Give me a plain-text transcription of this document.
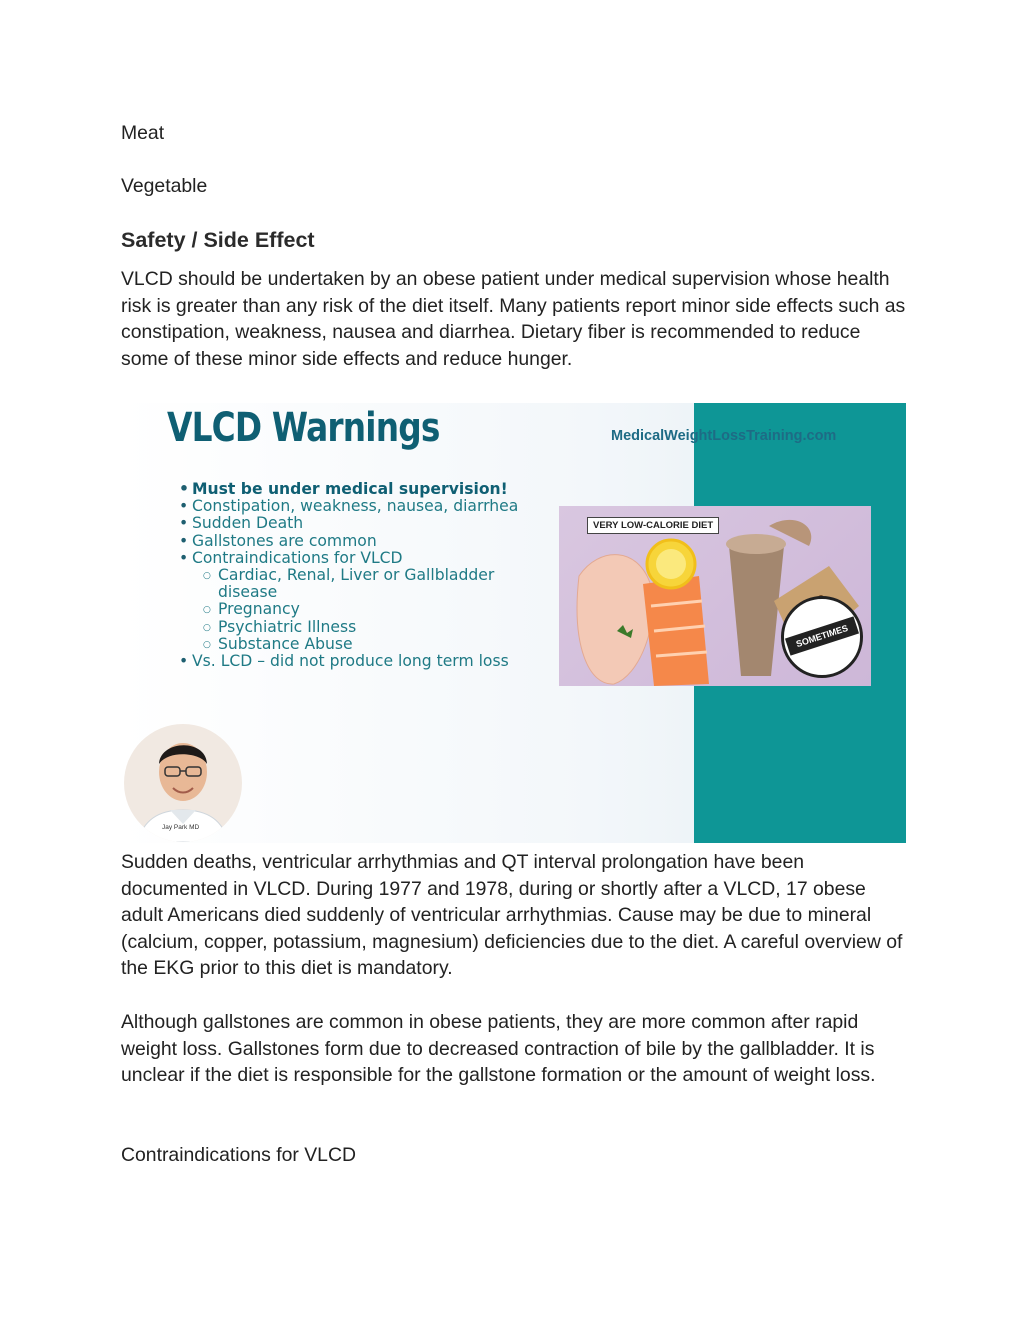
Meat

Vegetable

Safety / Side Effect

VLCD should be undertaken by an obese patient under medical supervision whose health risk is greater than any risk of the diet itself. Many patients report minor side effects such as constipation, weakness, nausea and diarrhea. Dietary fiber is recommended to reduce some of these minor side effects and reduce hunger.

MedicalWeightLossTraining.com
VLCD Warnings
• Must be under medical supervision!
• Constipation, weakness, nausea, diarrhea
• Sudden Death
• Gallstones are common
• Contraindications for VLCD
○ Cardiac, Renal, Liver or Gallbladder
disease
○ Pregnancy
○ Psychiatric Illness
○ Substance Abuse
• Vs. LCD – did not produce long term loss
VERY LOW-CALORIE DIET
SOMETIMES
Jay Park MD

Sudden deaths, ventricular arrhythmias and QT interval prolongation have been documented in VLCD. During 1977 and 1978, during or shortly after a VLCD, 17 obese adult Americans died suddenly of ventricular arrhythmias. Cause may be due to mineral (calcium, copper, potassium, magnesium) deficiencies due to the diet. A careful overview of the EKG prior to this diet is mandatory.

Although gallstones are common in obese patients, they are more common after rapid weight loss. Gallstones form due to decreased contraction of bile by the gallbladder. It is unclear if the diet is responsible for the gallstone formation or the amount of weight loss.

Contraindications for VLCD
